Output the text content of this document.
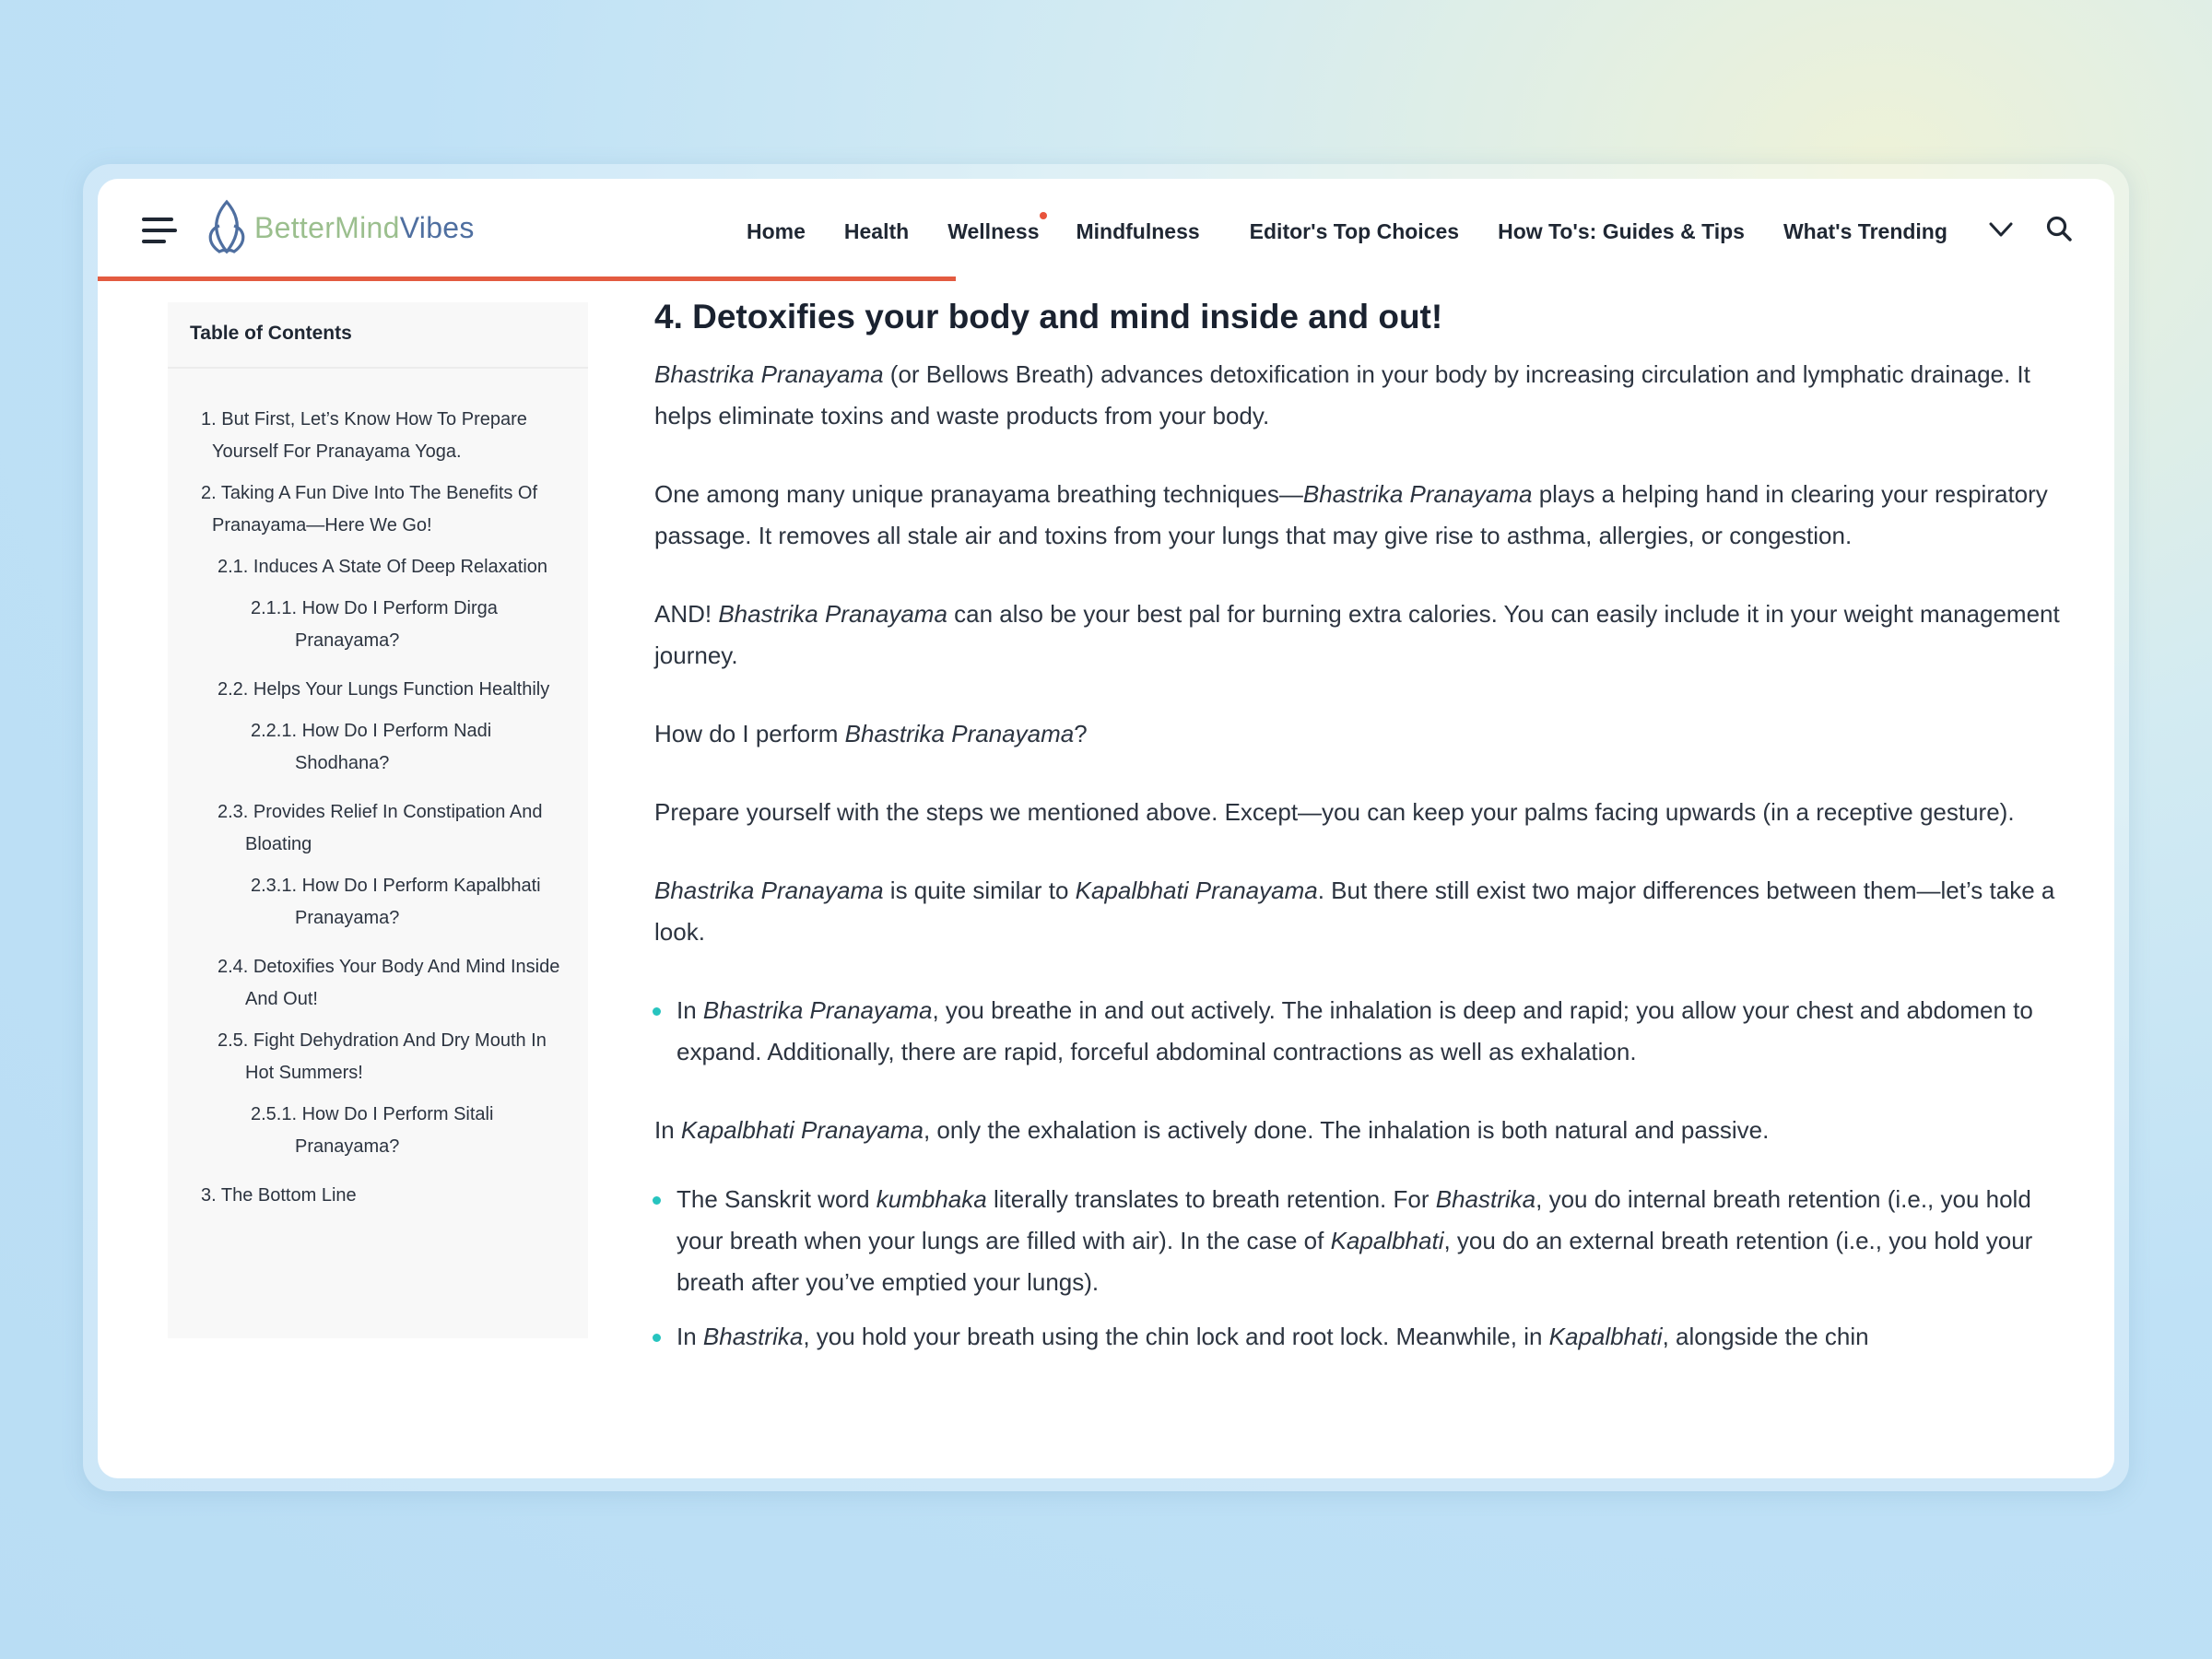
BetterMindVibes	Home Health Wellness Mindfulness Editor's Top Choices How To's: Guides & Tips What's Trending
Table of Contents
1. But First, Let’s Know How To Prepare Yourself For Pranayama Yoga.
2. Taking A Fun Dive Into The Benefits Of Pranayama—Here We Go!
2.1. Induces A State Of Deep Relaxation
2.1.1. How Do I Perform Dirga Pranayama?
2.2. Helps Your Lungs Function Healthily
2.2.1. How Do I Perform Nadi Shodhana?
2.3. Provides Relief In Constipation And Bloating
2.3.1. How Do I Perform Kapalbhati Pranayama?
2.4. Detoxifies Your Body And Mind Inside And Out!
2.5. Fight Dehydration And Dry Mouth In Hot Summers!
2.5.1. How Do I Perform Sitali Pranayama?
3. The Bottom Line
4. Detoxifies your body and mind inside and out!

Bhastrika Pranayama (or Bellows Breath) advances detoxification in your body by increasing circulation and lymphatic drainage. It helps eliminate toxins and waste products from your body.

One among many unique pranayama breathing techniques—Bhastrika Pranayama plays a helping hand in clearing your respiratory passage. It removes all stale air and toxins from your lungs that may give rise to asthma, allergies, or congestion.

AND! Bhastrika Pranayama can also be your best pal for burning extra calories. You can easily include it in your weight management journey.

How do I perform Bhastrika Pranayama?

Prepare yourself with the steps we mentioned above. Except—you can keep your palms facing upwards (in a receptive gesture).

Bhastrika Pranayama is quite similar to Kapalbhati Pranayama. But there still exist two major differences between them—let’s take a look.

In Bhastrika Pranayama, you breathe in and out actively. The inhalation is deep and rapid; you allow your chest and abdomen to expand. Additionally, there are rapid, forceful abdominal contractions as well as exhalation.

In Kapalbhati Pranayama, only the exhalation is actively done. The inhalation is both natural and passive.

The Sanskrit word kumbhaka literally translates to breath retention. For Bhastrika, you do internal breath retention (i.e., you hold your breath when your lungs are filled with air). In the case of Kapalbhati, you do an external breath retention (i.e., you hold your breath after you’ve emptied your lungs).
In Bhastrika, you hold your breath using the chin lock and root lock. Meanwhile, in Kapalbhati, alongside the chin
